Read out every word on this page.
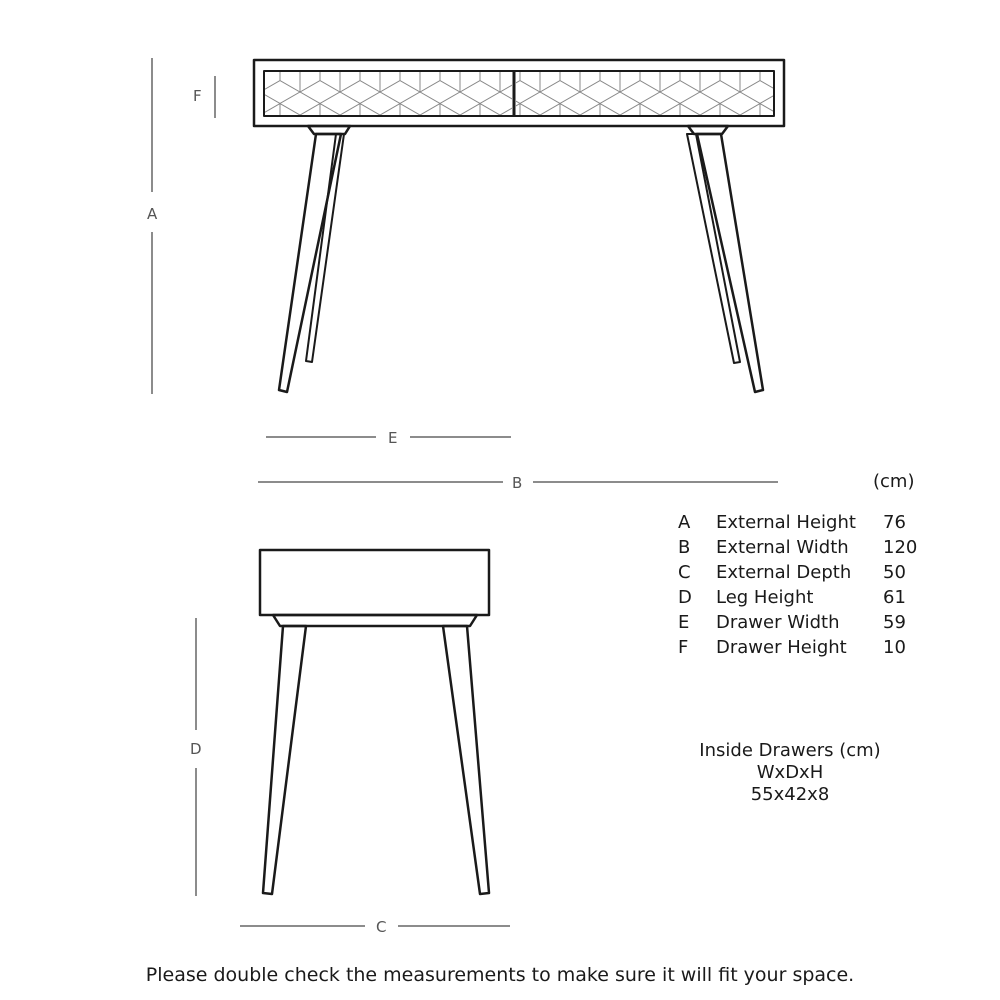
A
F
E
B
D
C
(cm)
A	External Height	76
B	External Width	120
C	External Depth	50
D	Leg Height	61
E	Drawer Width	59
F	Drawer Height	10
Inside Drawers (cm)
WxDxH
55x42x8
Please double check the measurements to make sure it will fit your space.
